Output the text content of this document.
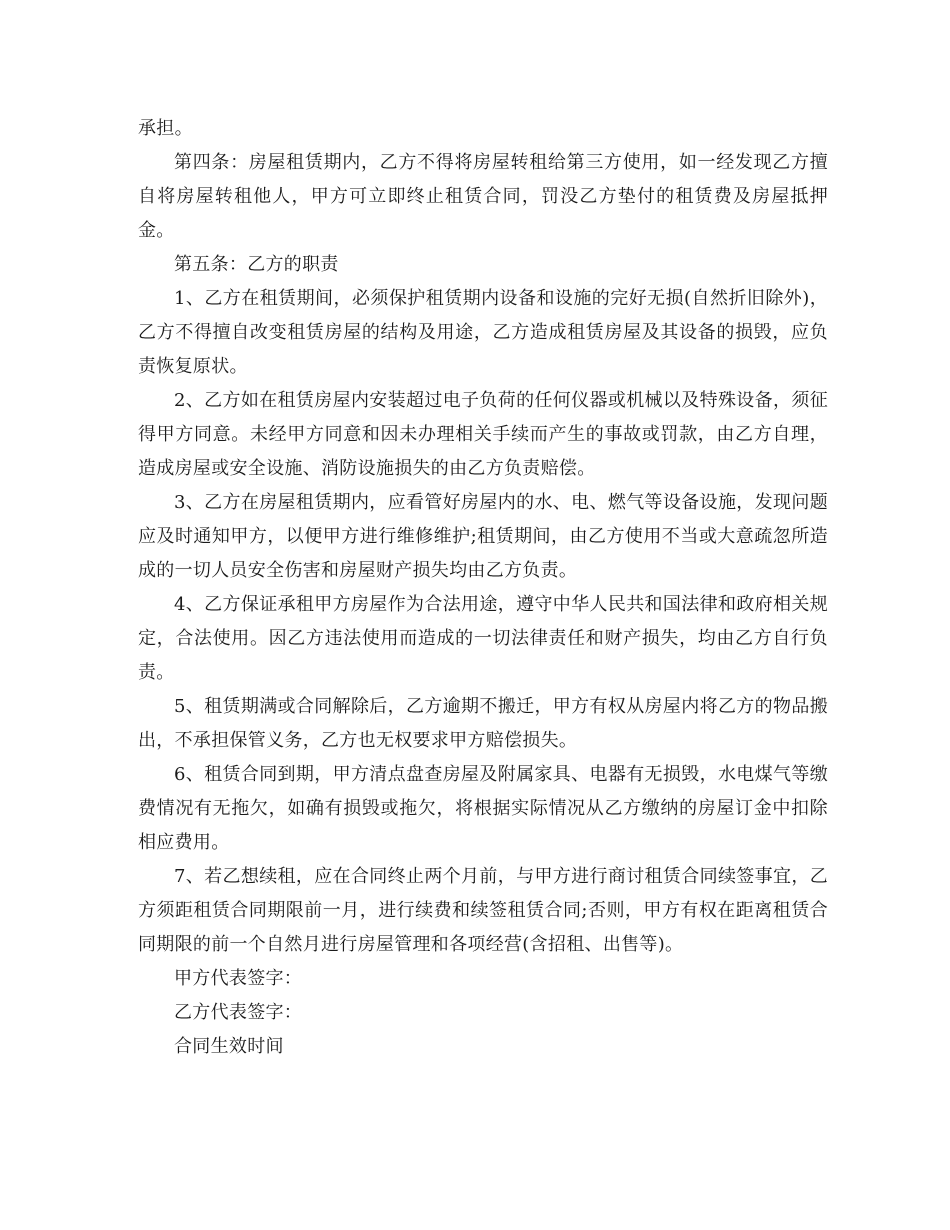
承担。

第四条：房屋租赁期内，乙方不得将房屋转租给第三方使用，如一经发现乙方擅自将房屋转租他人，甲方可立即终止租赁合同，罚没乙方垫付的租赁费及房屋抵押金。

第五条：乙方的职责

1、乙方在租赁期间，必须保护租赁期内设备和设施的完好无损(自然折旧除外)，乙方不得擅自改变租赁房屋的结构及用途，乙方造成租赁房屋及其设备的损毁，应负责恢复原状。

2、乙方如在租赁房屋内安装超过电子负荷的任何仪器或机械以及特殊设备，须征得甲方同意。未经甲方同意和因未办理相关手续而产生的事故或罚款，由乙方自理，造成房屋或安全设施、消防设施损失的由乙方负责赔偿。

3、乙方在房屋租赁期内，应看管好房屋内的水、电、燃气等设备设施，发现问题应及时通知甲方，以便甲方进行维修维护;租赁期间，由乙方使用不当或大意疏忽所造成的一切人员安全伤害和房屋财产损失均由乙方负责。

4、乙方保证承租甲方房屋作为合法用途，遵守中华人民共和国法律和政府相关规定，合法使用。因乙方违法使用而造成的一切法律责任和财产损失，均由乙方自行负责。

5、租赁期满或合同解除后，乙方逾期不搬迁，甲方有权从房屋内将乙方的物品搬出，不承担保管义务，乙方也无权要求甲方赔偿损失。

6、租赁合同到期，甲方清点盘查房屋及附属家具、电器有无损毁，水电煤气等缴费情况有无拖欠，如确有损毁或拖欠，将根据实际情况从乙方缴纳的房屋订金中扣除相应费用。

7、若乙想续租，应在合同终止两个月前，与甲方进行商讨租赁合同续签事宜，乙方须距租赁合同期限前一月，进行续费和续签租赁合同;否则，甲方有权在距离租赁合同期限的前一个自然月进行房屋管理和各项经营(含招租、出售等)。

甲方代表签字：

乙方代表签字：

合同生效时间
